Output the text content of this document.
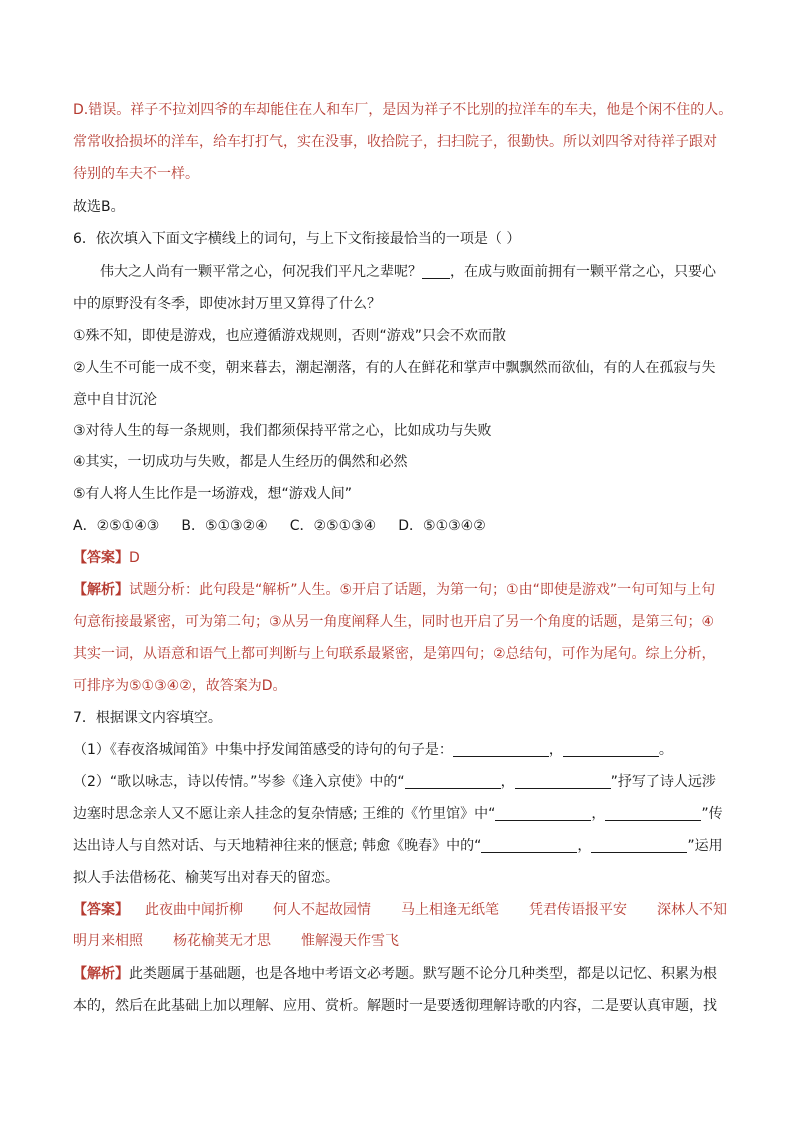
D.错误。祥子不拉刘四爷的车却能住在人和车厂，是因为祥子不比别的拉洋车的车夫，他是个闲不住的人。
常常收拾损坏的洋车，给车打打气，实在没事，收拾院子，扫扫院子，很勤快。所以刘四爷对待祥子跟对
待别的车夫不一样。
故选B。
6．依次填入下面文字横线上的词句，与上下文衔接最恰当的一项是（ ）
伟大之人尚有一颗平常之心，何况我们平凡之辈呢？ ，在成与败面前拥有一颗平常之心，只要心
中的原野没有冬季，即使冰封万里又算得了什么？
①殊不知，即使是游戏，也应遵循游戏规则，否则“游戏”只会不欢而散
②人生不可能一成不变，朝来暮去，潮起潮落，有的人在鲜花和掌声中飘飘然而欲仙，有的人在孤寂与失
意中自甘沉沦
③对待人生的每一条规则，我们都须保持平常之心，比如成功与失败
④其实，一切成功与失败，都是人生经历的偶然和必然
⑤有人将人生比作是一场游戏，想“游戏人间”
A．②⑤①④③ B．⑤①③②④ C．②⑤①③④ D．⑤①③④②
【答案】D
【解析】试题分析：此句段是“解析”人生。⑤开启了话题，为第一句；①由“即使是游戏”一句可知与上句
句意衔接最紧密，可为第二句；③从另一角度阐释人生，同时也开启了另一个角度的话题，是第三句；④
其实一词，从语意和语气上都可判断与上句联系最紧密，是第四句；②总结句，可作为尾句。综上分析，
可排序为⑤①③④②，故答案为D。
7．根据课文内容填空。
（1）《春夜洛城闻笛》中集中抒发闻笛感受的诗句的句子是：	，	。
（2）“歌以咏志，诗以传情。”岑参《逢入京使》中的“	，	”抒写了诗人远涉
边塞时思念亲人又不愿让亲人挂念的复杂情感; 王维的《竹里馆》中“	，	”传
达出诗人与自然对话、与天地精神往来的惬意; 韩愈《晚春》中的“	，	”运用
拟人手法借杨花、榆荚写出对春天的留恋。
【答案】 此夜曲中闻折柳 何人不起故园情 马上相逢无纸笔 凭君传语报平安 深林人不知
明月来相照 杨花榆荚无才思 惟解漫天作雪飞
【解析】此类题属于基础题，也是各地中考语文必考题。默写题不论分几种类型，都是以记忆、积累为根
本的，然后在此基础上加以理解、应用、赏析。解题时一是要透彻理解诗歌的内容，二是要认真审题，找
